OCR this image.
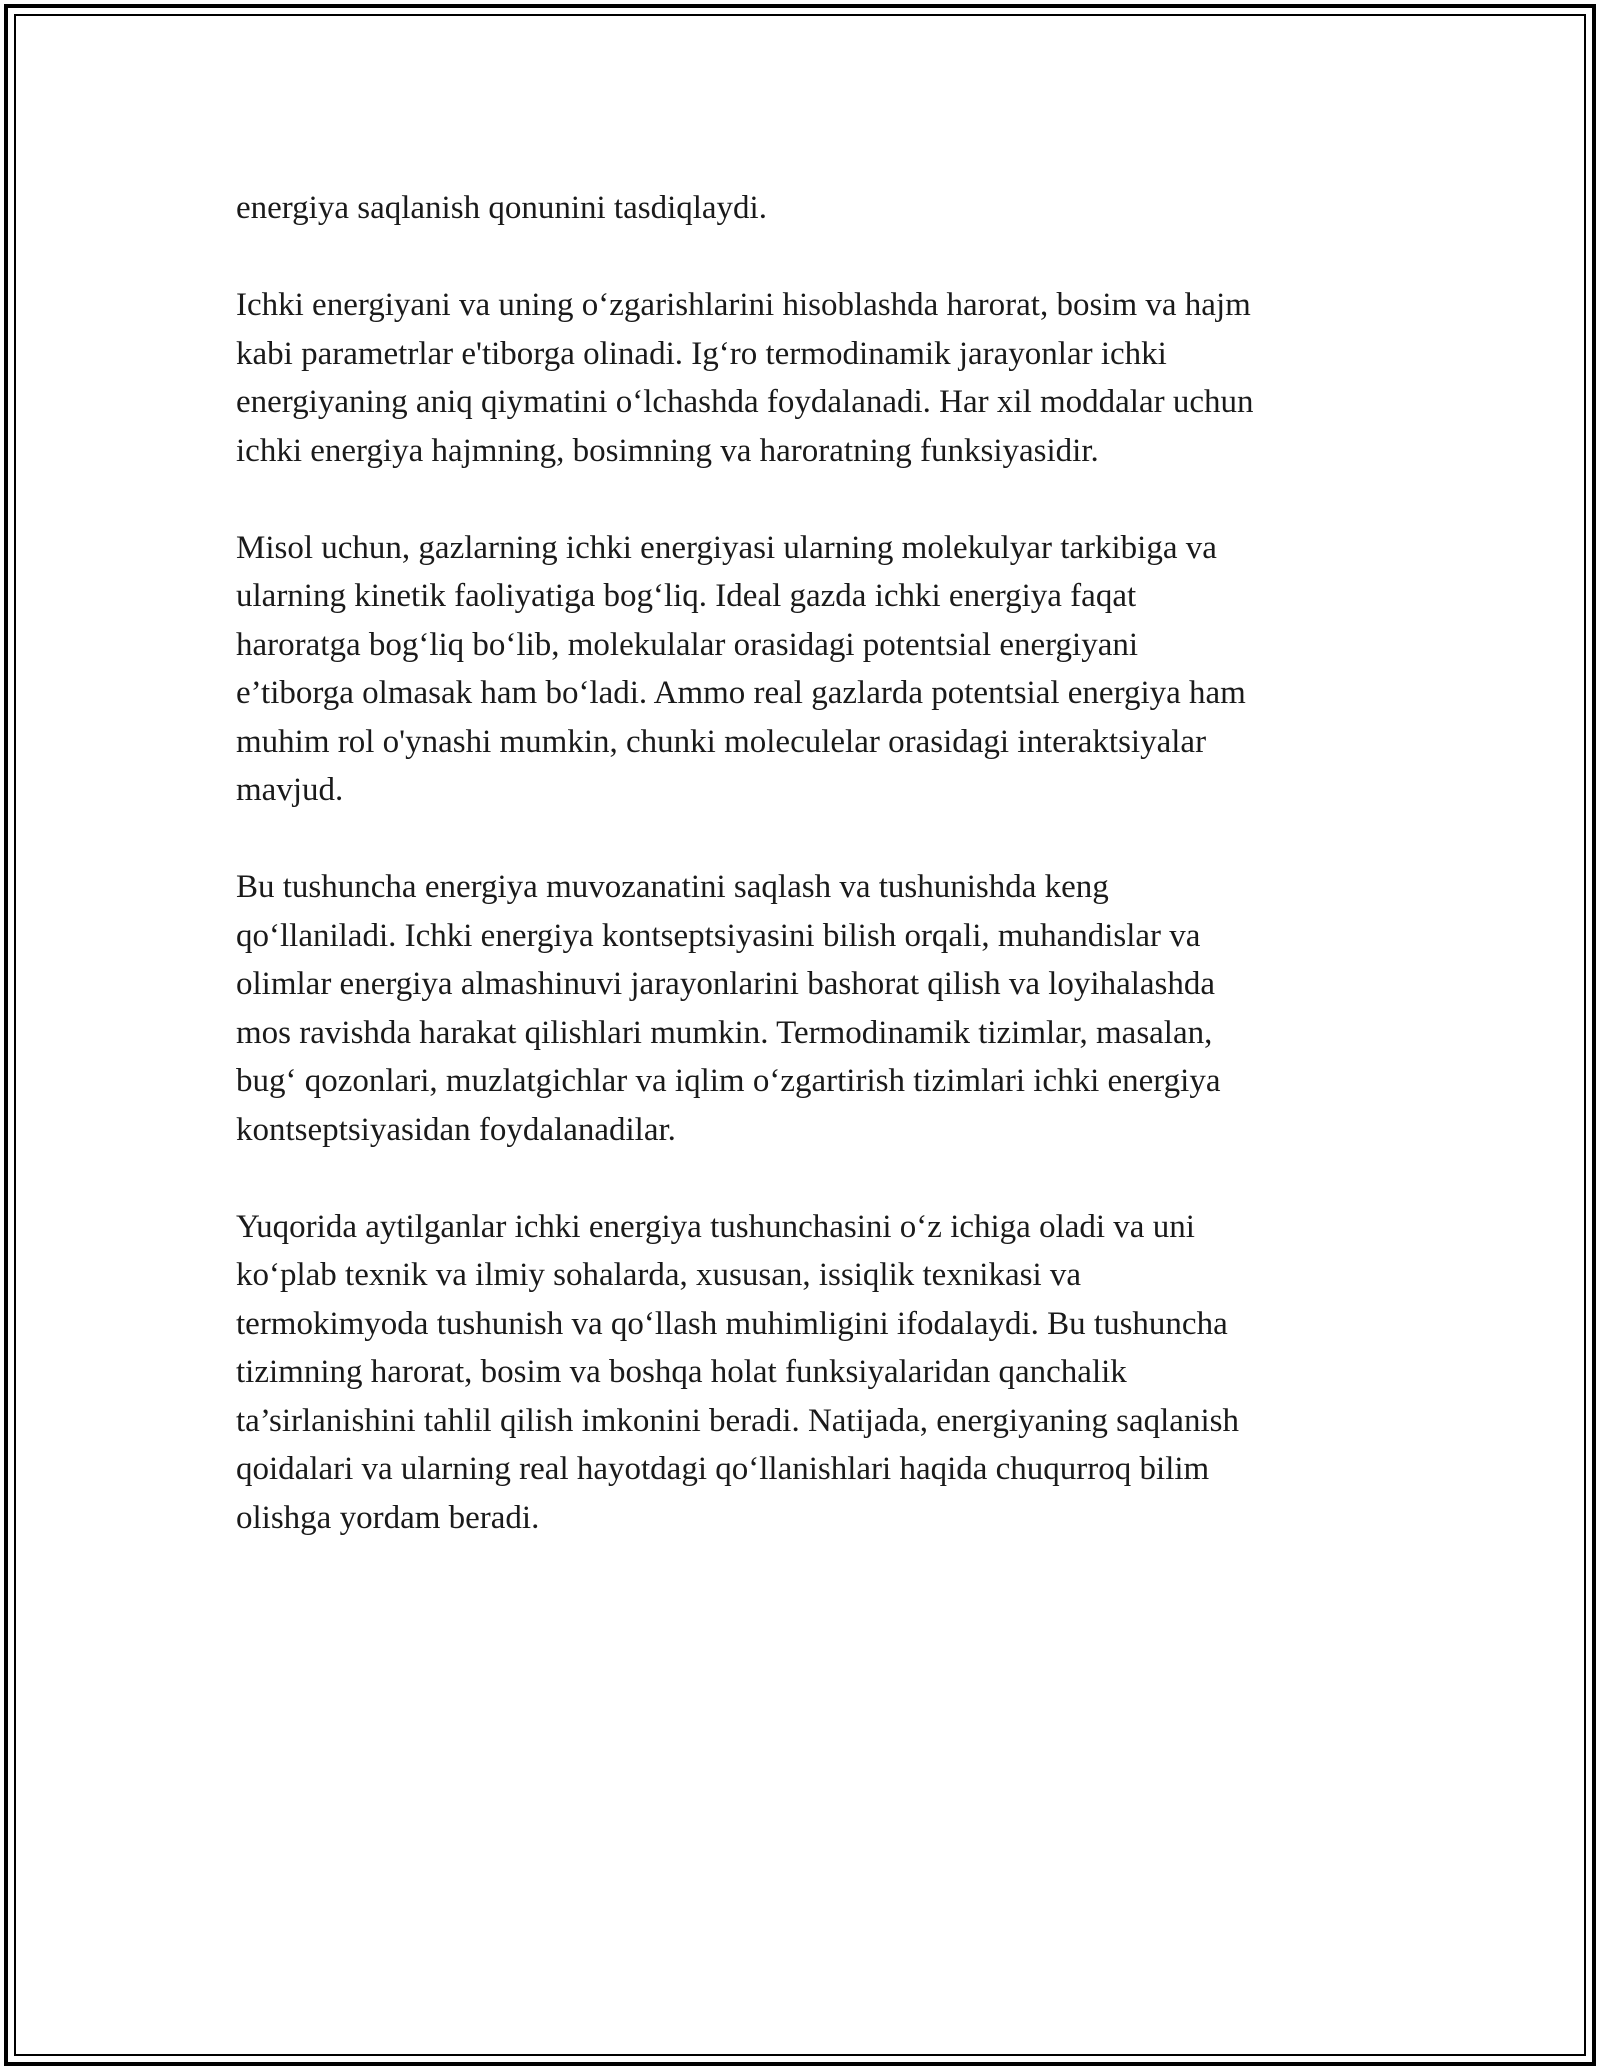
energiya saqlanish qonunini tasdiqlaydi.

Ichki energiyani va uning o‘zgarishlarini hisoblashda harorat, bosim va hajm
kabi parametrlar e'tiborga olinadi. Ig‘ro termodinamik jarayonlar ichki
energiyaning aniq qiymatini o‘lchashda foydalanadi. Har xil moddalar uchun
ichki energiya hajmning, bosimning va haroratning funksiyasidir.

Misol uchun, gazlarning ichki energiyasi ularning molekulyar tarkibiga va
ularning kinetik faoliyatiga bog‘liq. Ideal gazda ichki energiya faqat
haroratga bog‘liq bo‘lib, molekulalar orasidagi potentsial energiyani
e’tiborga olmasak ham bo‘ladi. Ammo real gazlarda potentsial energiya ham
muhim rol o'ynashi mumkin, chunki moleculelar orasidagi interaktsiyalar
mavjud.

Bu tushuncha energiya muvozanatini saqlash va tushunishda keng
qo‘llaniladi. Ichki energiya kontseptsiyasini bilish orqali, muhandislar va
olimlar energiya almashinuvi jarayonlarini bashorat qilish va loyihalashda
mos ravishda harakat qilishlari mumkin. Termodinamik tizimlar, masalan,
bug‘ qozonlari, muzlatgichlar va iqlim o‘zgartirish tizimlari ichki energiya
kontseptsiyasidan foydalanadilar.

Yuqorida aytilganlar ichki energiya tushunchasini o‘z ichiga oladi va uni
ko‘plab texnik va ilmiy sohalarda, xususan, issiqlik texnikasi va
termokimyoda tushunish va qo‘llash muhimligini ifodalaydi. Bu tushuncha
tizimning harorat, bosim va boshqa holat funksiyalaridan qanchalik
ta’sirlanishini tahlil qilish imkonini beradi. Natijada, energiyaning saqlanish
qoidalari va ularning real hayotdagi qo‘llanishlari haqida chuqurroq bilim
olishga yordam beradi.
